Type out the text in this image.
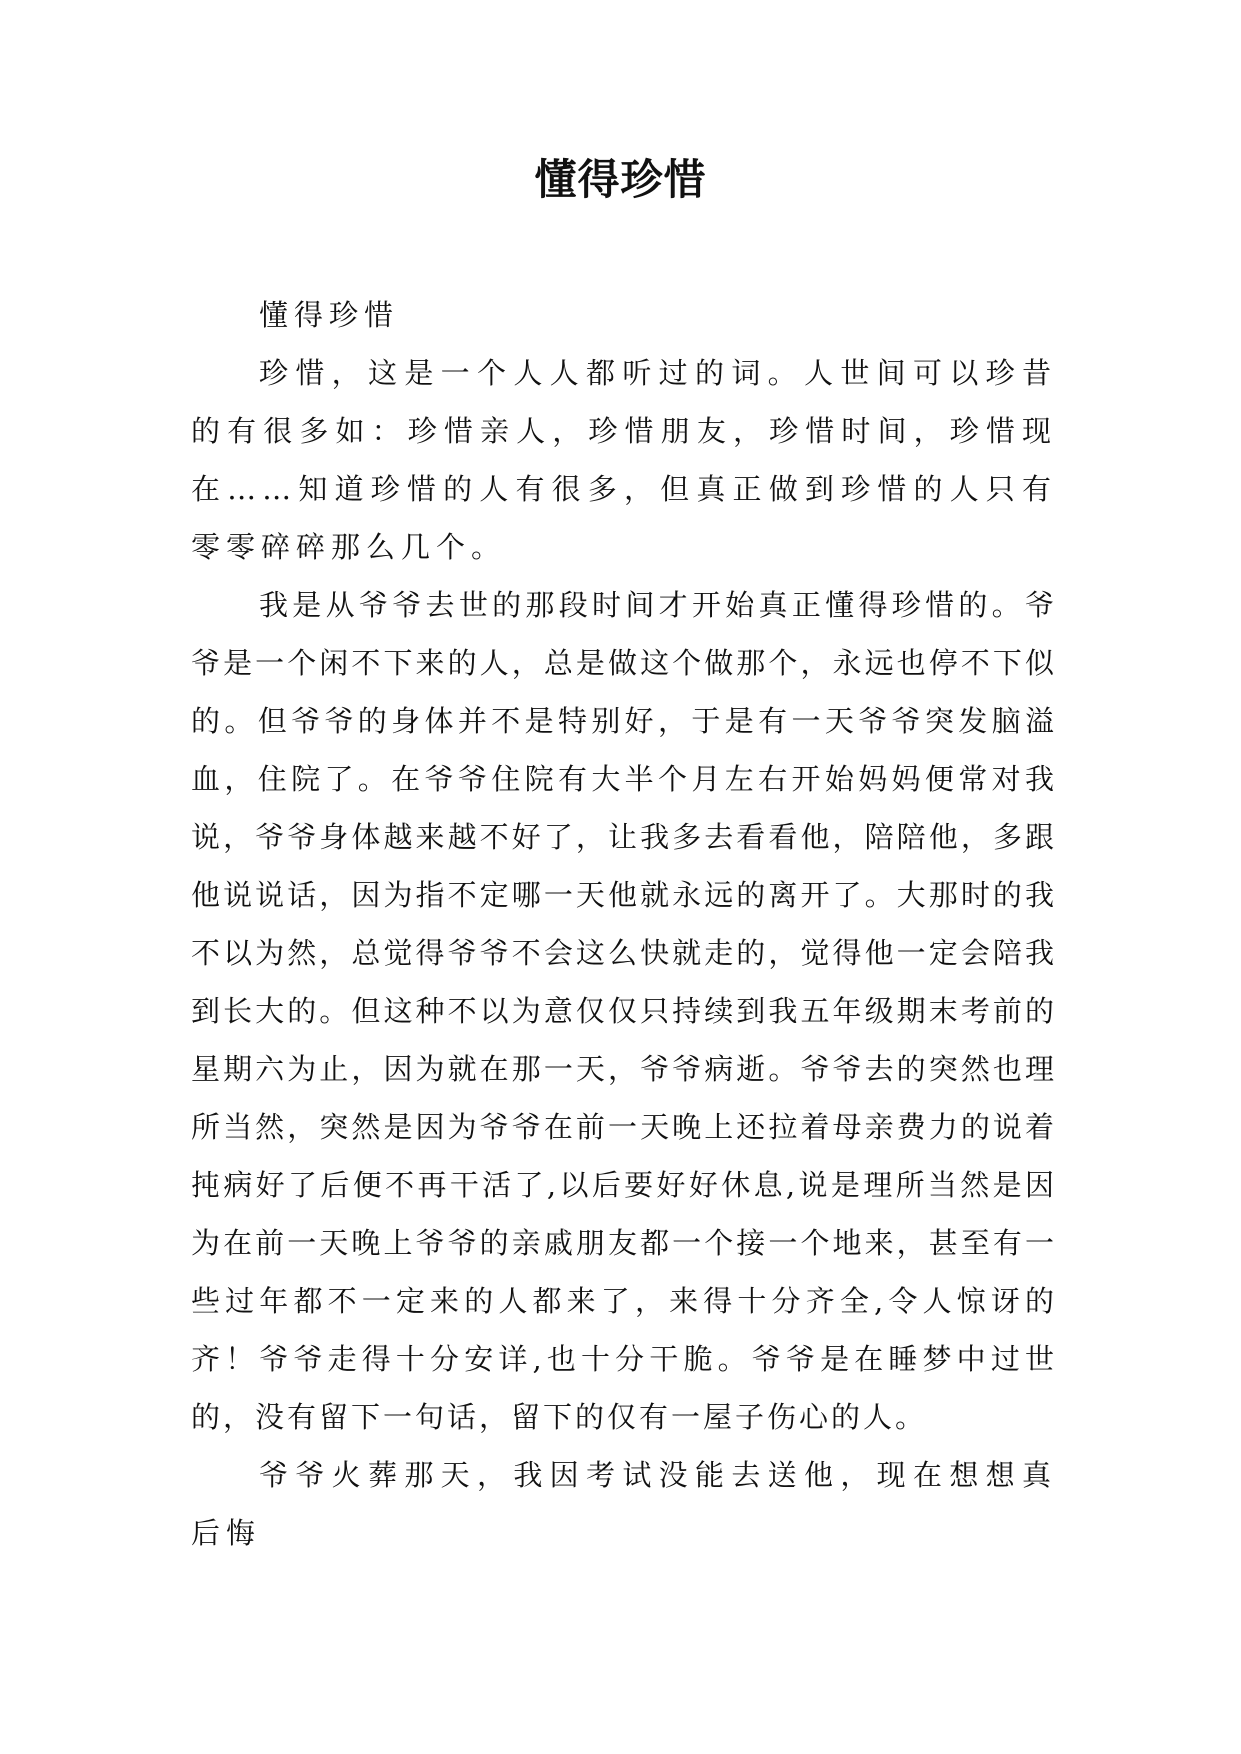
懂得珍惜

懂得珍惜

珍惜，这是一个人人都听过的词。人世间可以珍昔的有很多如：珍惜亲人，珍惜朋友，珍惜时间，珍惜现在……知道珍惜的人有很多，但真正做到珍惜的人只有零零碎碎那么几个。

我是从爷爷去世的那段时间才开始真正懂得珍惜的。爷爷是一个闲不下来的人，总是做这个做那个，永远也停不下似的。但爷爷的身体并不是特别好，于是有一天爷爷突发脑溢血，住院了。在爷爷住院有大半个月左右开始妈妈便常对我说，爷爷身体越来越不好了，让我多去看看他，陪陪他，多跟他说说话，因为指不定哪一天他就永远的离开了。大那时的我不以为然，总觉得爷爷不会这么快就走的，觉得他一定会陪我到长大的。但这种不以为意仅仅只持续到我五年级期末考前的星期六为止，因为就在那一天，爷爷病逝。爷爷去的突然也理所当然，突然是因为爷爷在前一天晚上还拉着母亲费力的说着扽病好了后便不再干活了,以后要好好休息,说是理所当然是因为在前一天晚上爷爷的亲戚朋友都一个接一个地来，甚至有一些过年都不一定来的人都来了，来得十分齐全,令人惊讶的齐！爷爷走得十分安详,也十分干脆。爷爷是在睡梦中过世的，没有留下一句话，留下的仅有一屋子伤心的人。

爷爷火葬那天，我因考试没能去送他，现在想想真后悔
